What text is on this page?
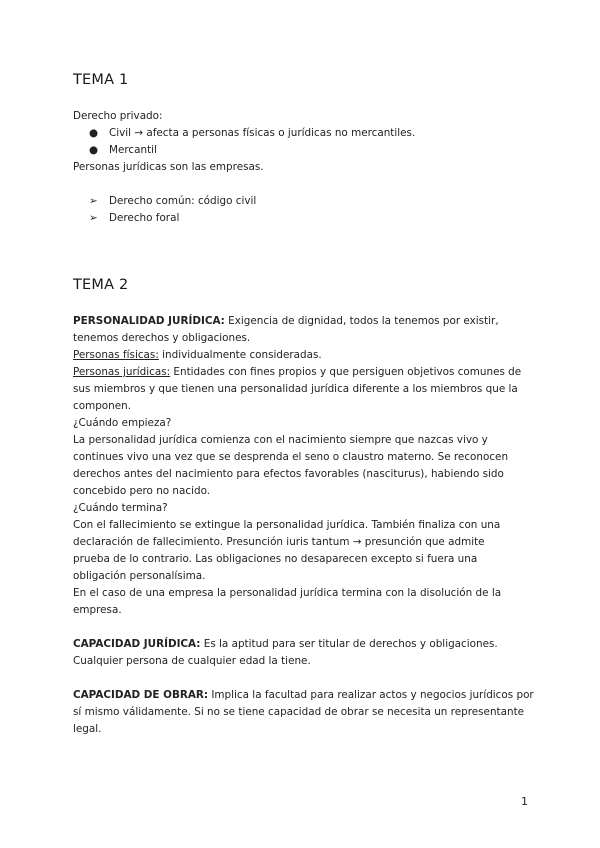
TEMA 1

Derecho privado:

● Civil → afecta a personas físicas o jurídicas no mercantiles.
● Mercantil

Personas jurídicas son las empresas.

➢	Derecho común: código civil
➢	Derecho foral
TEMA 2
PERSONALIDAD JURÍDICA: Exigencia de dignidad, todos la tenemos por existir,
tenemos derechos y obligaciones.
Personas físicas: individualmente consideradas.
Personas jurídicas: Entidades con fines propios y que persiguen objetivos comunes de
sus miembros y que tienen una personalidad jurídica diferente a los miembros que la
componen.
¿Cuándo empieza?
La personalidad jurídica comienza con el nacimiento siempre que nazcas vivo y
continues vivo una vez que se desprenda el seno o claustro materno. Se reconocen
derechos antes del nacimiento para efectos favorables (nasciturus), habiendo sido
concebido pero no nacido.
¿Cuándo termina?
Con el fallecimiento se extingue la personalidad jurídica. También finaliza con una
declaración de fallecimiento. Presunción iuris tantum → presunción que admite
prueba de lo contrario. Las obligaciones no desaparecen excepto si fuera una
obligación personalísima.
En el caso de una empresa la personalidad jurídica termina con la disolución de la
empresa.
CAPACIDAD JURÍDICA: Es la aptitud para ser titular de derechos y obligaciones.
Cualquier persona de cualquier edad la tiene.
CAPACIDAD DE OBRAR: Implica la facultad para realizar actos y negocios jurídicos por
sí mismo válidamente. Si no se tiene capacidad de obrar se necesita un representante
legal.
1
